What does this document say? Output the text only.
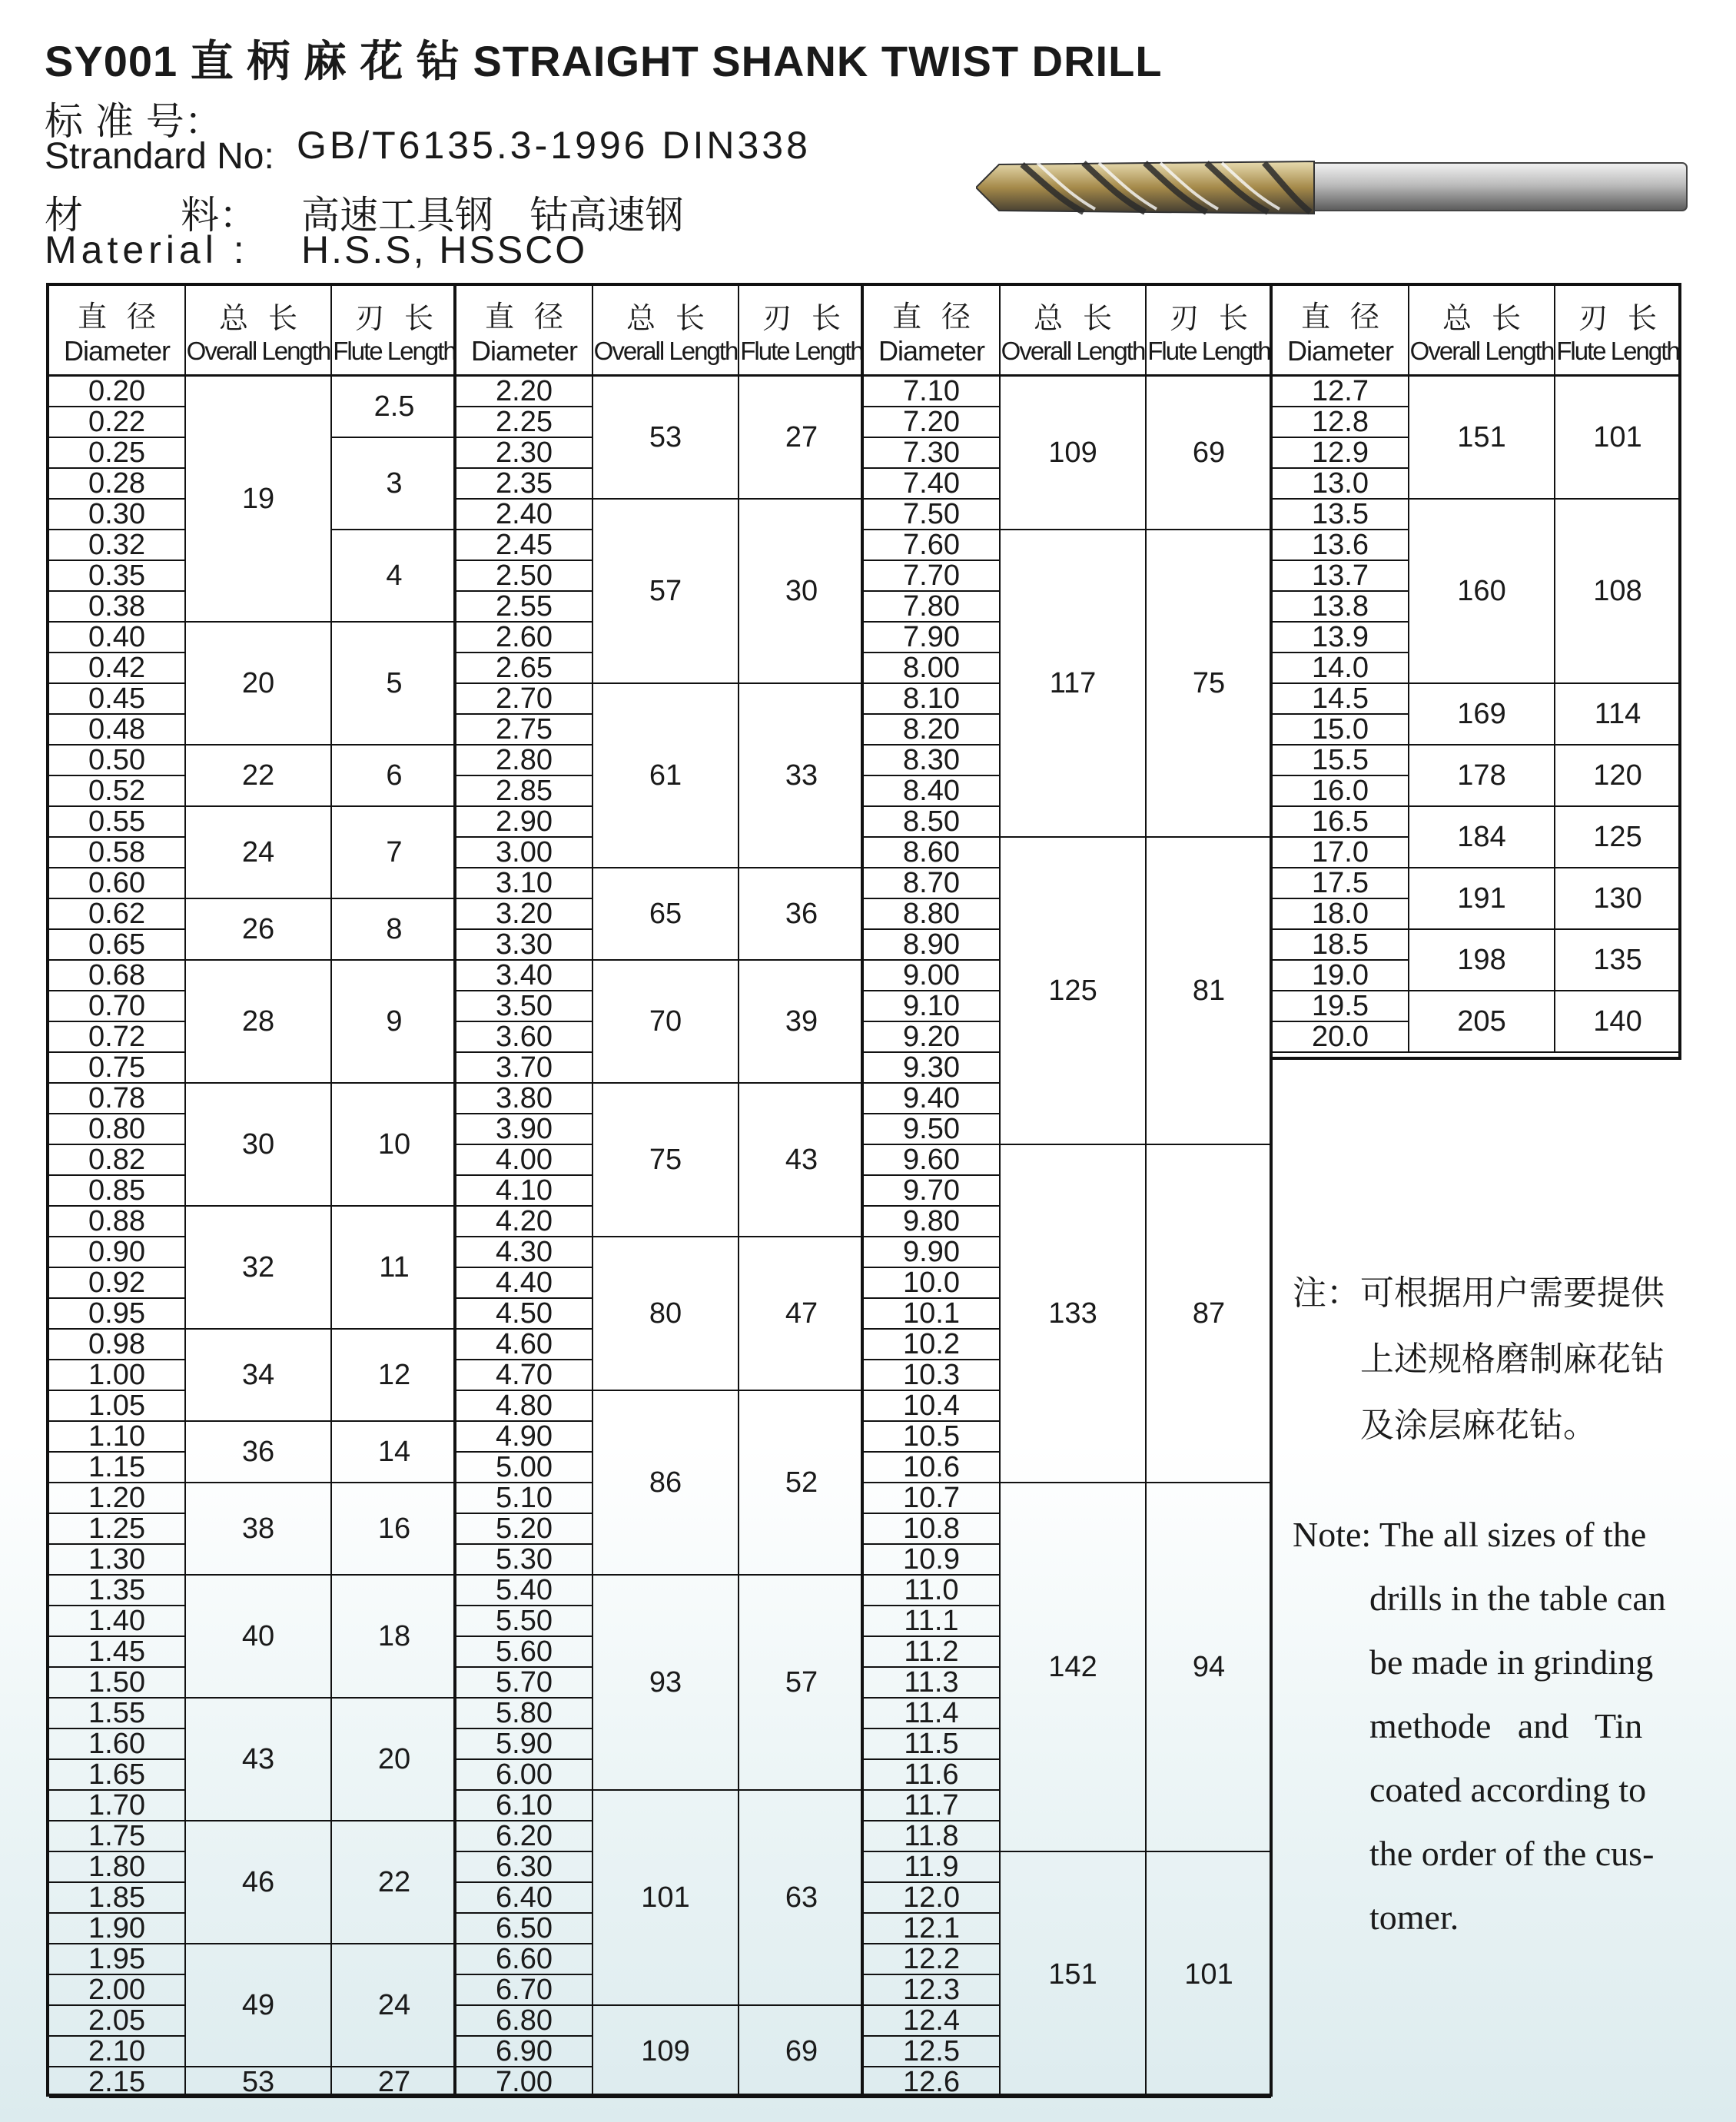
SY001 直 柄 麻 花 钻 STRAIGHT SHANK TWIST DRILL
标 准 号：
Strandard No: GB/T6135.3-1996 DIN338
材        料： 高速工具钢   钴高速钢
Material : H.S.S, HSSCO
直径
Diameter
总长
Overall Length
刃长
Flute Length
0.20
0.22
0.25
0.28
0.30
0.32
0.35
0.38
0.40
0.42
0.45
0.48
0.50
0.52
0.55
0.58
0.60
0.62
0.65
0.68
0.70
0.72
0.75
0.78
0.80
0.82
0.85
0.88
0.90
0.92
0.95
0.98
1.00
1.05
1.10
1.15
1.20
1.25
1.30
1.35
1.40
1.45
1.50
1.55
1.60
1.65
1.70
1.75
1.80
1.85
1.90
1.95
2.00
2.05
2.10
2.15
19
20
22
24
26
28
30
32
34
36
38
40
43
46
49
53
2.5
3
4
5
6
7
8
9
10
11
12
14
16
18
20
22
24
27
直径
Diameter
总长
Overall Length
刃长
Flute Length
2.20
2.25
2.30
2.35
2.40
2.45
2.50
2.55
2.60
2.65
2.70
2.75
2.80
2.85
2.90
3.00
3.10
3.20
3.30
3.40
3.50
3.60
3.70
3.80
3.90
4.00
4.10
4.20
4.30
4.40
4.50
4.60
4.70
4.80
4.90
5.00
5.10
5.20
5.30
5.40
5.50
5.60
5.70
5.80
5.90
6.00
6.10
6.20
6.30
6.40
6.50
6.60
6.70
6.80
6.90
7.00
53
57
61
65
70
75
80
86
93
101
109
27
30
33
36
39
43
47
52
57
63
69
直径
Diameter
总长
Overall Length
刃长
Flute Length
7.10
7.20
7.30
7.40
7.50
7.60
7.70
7.80
7.90
8.00
8.10
8.20
8.30
8.40
8.50
8.60
8.70
8.80
8.90
9.00
9.10
9.20
9.30
9.40
9.50
9.60
9.70
9.80
9.90
10.0
10.1
10.2
10.3
10.4
10.5
10.6
10.7
10.8
10.9
11.0
11.1
11.2
11.3
11.4
11.5
11.6
11.7
11.8
11.9
12.0
12.1
12.2
12.3
12.4
12.5
12.6
109
117
125
133
142
151
69
75
81
87
94
101
直径
Diameter
总长
Overall Length
刃长
Flute Length
12.7
12.8
12.9
13.0
13.5
13.6
13.7
13.8
13.9
14.0
14.5
15.0
15.5
16.0
16.5
17.0
17.5
18.0
18.5
19.0
19.5
20.0
151
160
169
178
184
191
198
205
101
108
114
120
125
130
135
140
注：可根据用户需要提供
上述规格磨制麻花钻
及涂层麻花钻。
Note: The all sizes of the
drills in the table can
be made in grinding
methode   and   Tin
coated according to
the order of the cus-
tomer.
